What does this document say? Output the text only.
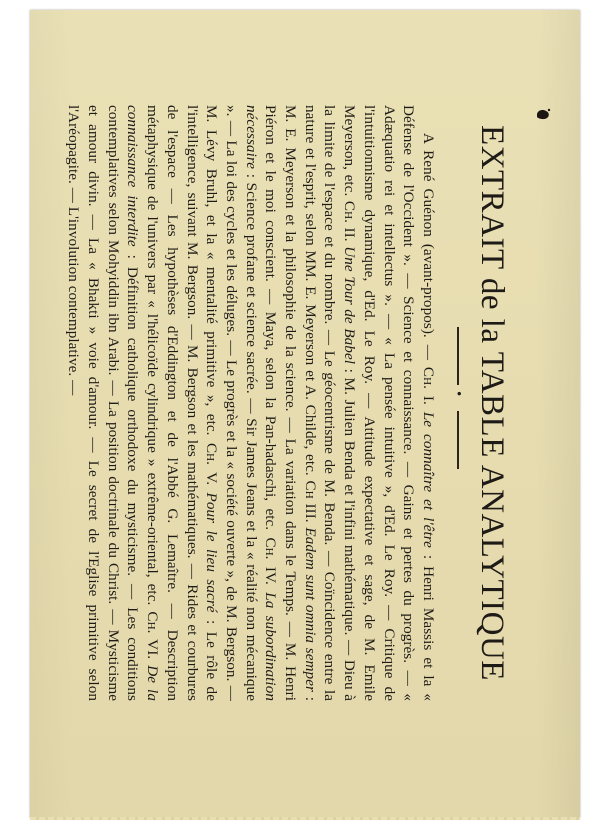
EXTRAIT de la TABLE ANALYTIQUE
•

A René Guénon (avant-propos). — Ch. I. Le connaître et l'être : Henri Massis et la « Défense de l'Occident ». — Science et connaissance. — Gains et pertes du progrès. — « Adæquatio rei et intellectus ». — « La pensée intuitive », d'Ed. Le Roy. — Critique de l'intuitionnisme dynamique, d'Ed. Le Roy. — Attitude expectative et sage, de M. Emile Meyerson, etc. Ch. II. Une Tour de Babel : M. Julien Benda et l'infini mathématique. — Dieu à la limite de l'espace et du nombre. — Le géocentrisme de M. Benda. — Coïncidence entre la nature et l'esprit, selon MM. E. Meyerson et A. Childe, etc. Ch III. Eadem sunt omnia semper : M. E. Meyerson et la philosophie de la science. — La variation dans le Temps. — M. Henri Piéron et le moi conscient. — Maya, selon la Pan-hadaschi, etc. Ch. IV. La subordination nécessaire : Science profane et science sacrée. — Sir James Jeans et la « réalité non mécanique ». — La loi des cycles et les déluges. — Le progrès et la « société ouverte », de M. Bergson. — M. Lévy Bruhl, et la « mentalité primitive », etc. Ch. V. Pour le lieu sacré : Le rôle de l'intelligence, suivant M. Bergson. — M. Bergson et les mathématiques. — Rides et courbures de l'espace — Les hypothèses d'Eddington et de l'Abbé G. Lemaître. — Description métaphysique de l'univers par « l'hélicoïde cylindrique » extrême-oriental, etc. Ch. VI. De la connaissance interdite : Définition catholique orthodoxe du mysticisme. — Les conditions contemplatives selon Mohyiddin ibn Arabi. — La position doctrinale du Christ. — Mysticisme et amour divin. — La « Bhakti » voie d'amour. — Le secret de l'Eglise primitive selon l'Aréopagite. — L'involution contemplative. —
